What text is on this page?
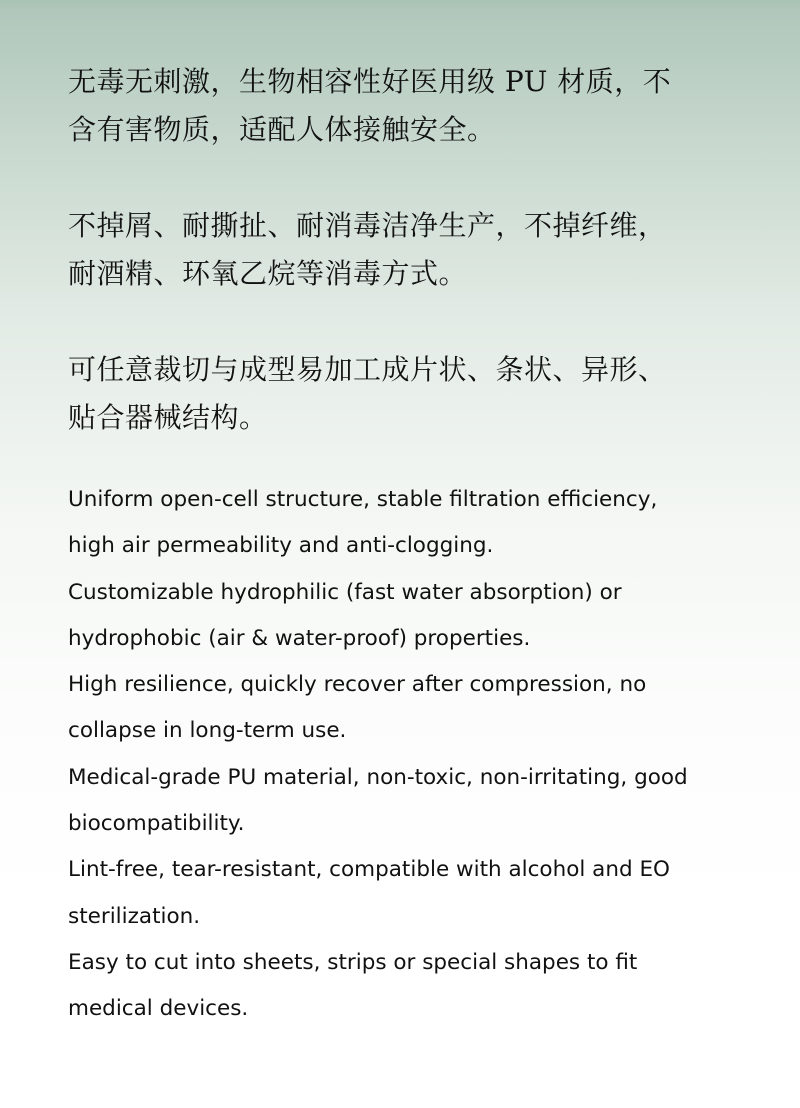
无毒无刺激，生物相容性好医用级 PU 材质，不
含有害物质，适配人体接触安全。
不掉屑、耐撕扯、耐消毒洁净生产，不掉纤维，
耐酒精、环氧乙烷等消毒方式。
可任意裁切与成型易加工成片状、条状、异形、
贴合器械结构。
Uniform open-cell structure, stable filtration efficiency,
high air permeability and anti-clogging.
Customizable hydrophilic (fast water absorption) or
hydrophobic (air & water-proof) properties.
High resilience, quickly recover after compression, no
collapse in long-term use.
Medical-grade PU material, non-toxic, non-irritating, good
biocompatibility.
Lint-free, tear-resistant, compatible with alcohol and EO
sterilization.
Easy to cut into sheets, strips or special shapes to fit
medical devices.
